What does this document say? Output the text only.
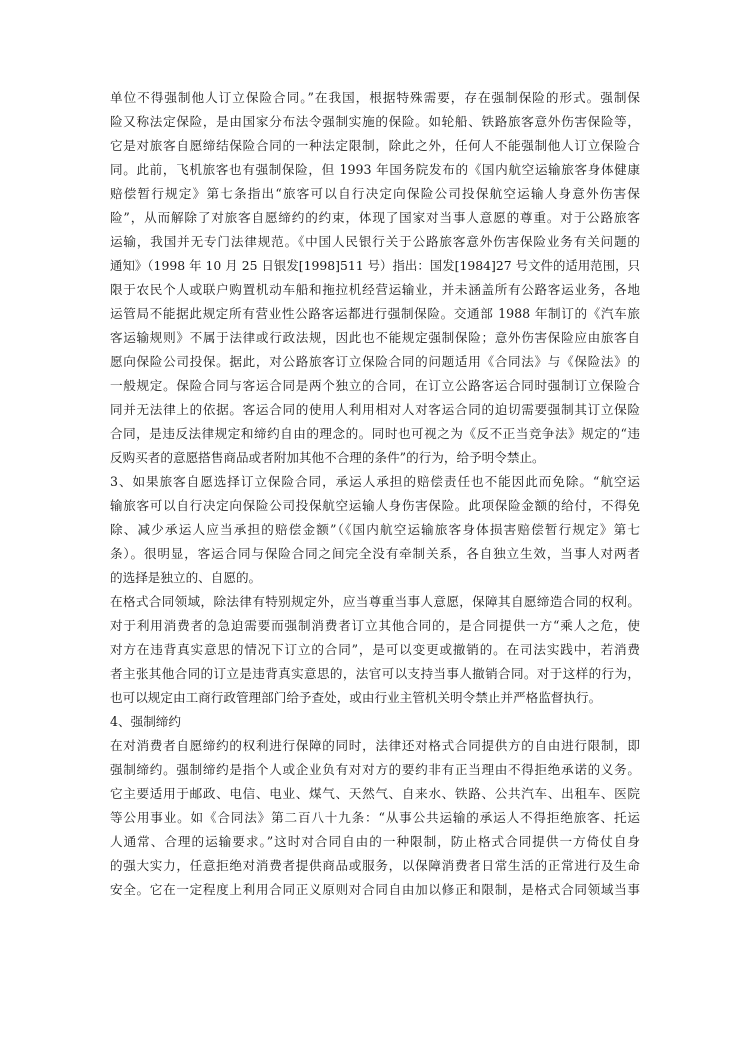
单位不得强制他人订立保险合同。”在我国，根据特殊需要，存在强制保险的形式。强制保
险又称法定保险，是由国家分布法令强制实施的保险。如轮船、铁路旅客意外伤害保险等，
它是对旅客自愿缔结保险合同的一种法定限制，除此之外，任何人不能强制他人订立保险合
同。此前，飞机旅客也有强制保险，但 1993 年国务院发布的《国内航空运输旅客身体健康
赔偿暂行规定》第七条指出“旅客可以自行决定向保险公司投保航空运输人身意外伤害保
险”，从而解除了对旅客自愿缔约的约束，体现了国家对当事人意愿的尊重。对于公路旅客
运输，我国并无专门法律规范。《中国人民银行关于公路旅客意外伤害保险业务有关问题的
通知》（1998 年 10 月 25 日银发[1998]511 号）指出：国发[1984]27 号文件的适用范围，只
限于农民个人或联户购置机动车船和拖拉机经营运输业，并未涵盖所有公路客运业务，各地
运管局不能据此规定所有营业性公路客运都进行强制保险。交通部 1988 年制订的《汽车旅
客运输规则》不属于法律或行政法规，因此也不能规定强制保险；意外伤害保险应由旅客自
愿向保险公司投保。据此，对公路旅客订立保险合同的问题适用《合同法》与《保险法》的
一般规定。保险合同与客运合同是两个独立的合同，在订立公路客运合同时强制订立保险合
同并无法律上的依据。客运合同的使用人利用相对人对客运合同的迫切需要强制其订立保险
合同，是违反法律规定和缔约自由的理念的。同时也可视之为《反不正当竞争法》规定的“违
反购买者的意愿搭售商品或者附加其他不合理的条件”的行为，给予明令禁止。
3、如果旅客自愿选择订立保险合同，承运人承担的赔偿责任也不能因此而免除。“航空运
输旅客可以自行决定向保险公司投保航空运输人身伤害保险。此项保险金额的给付，不得免
除、减少承运人应当承担的赔偿金额”（《国内航空运输旅客身体损害赔偿暂行规定》第七
条）。很明显，客运合同与保险合同之间完全没有牵制关系，各自独立生效，当事人对两者
的选择是独立的、自愿的。
在格式合同领域，除法律有特别规定外，应当尊重当事人意愿，保障其自愿缔造合同的权利。
对于利用消费者的急迫需要而强制消费者订立其他合同的，是合同提供一方“乘人之危，使
对方在违背真实意思的情况下订立的合同”，是可以变更或撤销的。在司法实践中，若消费
者主张其他合同的订立是违背真实意思的，法官可以支持当事人撤销合同。对于这样的行为，
也可以规定由工商行政管理部门给予查处，或由行业主管机关明令禁止并严格监督执行。
4、强制缔约
在对消费者自愿缔约的权利进行保障的同时，法律还对格式合同提供方的自由进行限制，即
强制缔约。强制缔约是指个人或企业负有对对方的要约非有正当理由不得拒绝承诺的义务。
它主要适用于邮政、电信、电业、煤气、天然气、自来水、铁路、公共汽车、出租车、医院
等公用事业。如《合同法》第二百八十九条：“从事公共运输的承运人不得拒绝旅客、托运
人通常、合理的运输要求。”这时对合同自由的一种限制，防止格式合同提供一方倚仗自身
的强大实力，任意拒绝对消费者提供商品或服务，以保障消费者日常生活的正常进行及生命
安全。它在一定程度上利用合同正义原则对合同自由加以修正和限制，是格式合同领域当事
